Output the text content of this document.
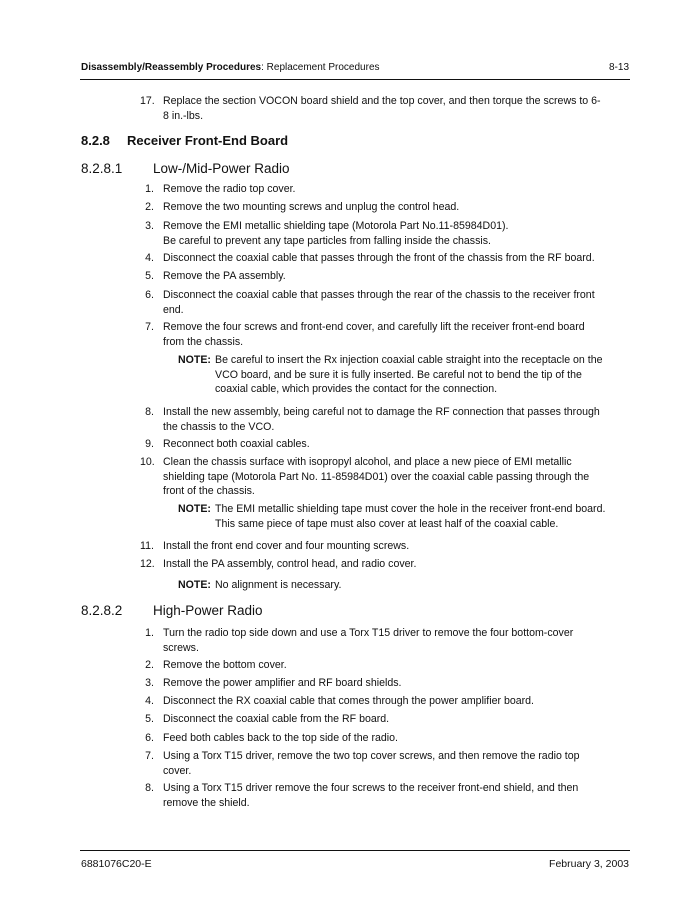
Disassembly/Reassembly Procedures: Replacement Procedures	8-13
17. Replace the section VOCON board shield and the top cover, and then torque the screws to 6-
8 in.-lbs.
8.2.8 Receiver Front-End Board
8.2.8.1 Low-/Mid-Power Radio
1. Remove the radio top cover.
2. Remove the two mounting screws and unplug the control head.
3. Remove the EMI metallic shielding tape (Motorola Part No.11-85984D01).
Be careful to prevent any tape particles from falling inside the chassis.
4. Disconnect the coaxial cable that passes through the front of the chassis from the RF board.
5. Remove the PA assembly.
6. Disconnect the coaxial cable that passes through the rear of the chassis to the receiver front
end.
7. Remove the four screws and front-end cover, and carefully lift the receiver front-end board
from the chassis.
NOTE: Be careful to insert the Rx injection coaxial cable straight into the receptacle on the
VCO board, and be sure it is fully inserted. Be careful not to bend the tip of the
coaxial cable, which provides the contact for the connection.
8. Install the new assembly, being careful not to damage the RF connection that passes through
the chassis to the VCO.
9. Reconnect both coaxial cables.
10. Clean the chassis surface with isopropyl alcohol, and place a new piece of EMI metallic
shielding tape (Motorola Part No. 11-85984D01) over the coaxial cable passing through the
front of the chassis.
NOTE: The EMI metallic shielding tape must cover the hole in the receiver front-end board.
This same piece of tape must also cover at least half of the coaxial cable.
11. Install the front end cover and four mounting screws.
12. Install the PA assembly, control head, and radio cover.
NOTE: No alignment is necessary.
8.2.8.2 High-Power Radio
1. Turn the radio top side down and use a Torx T15 driver to remove the four bottom-cover
screws.
2. Remove the bottom cover.
3. Remove the power amplifier and RF board shields.
4. Disconnect the RX coaxial cable that comes through the power amplifier board.
5. Disconnect the coaxial cable from the RF board.
6. Feed both cables back to the top side of the radio.
7. Using a Torx T15 driver, remove the two top cover screws, and then remove the radio top
cover.
8. Using a Torx T15 driver remove the four screws to the receiver front-end shield, and then
remove the shield.
6881076C20-E	February 3, 2003
